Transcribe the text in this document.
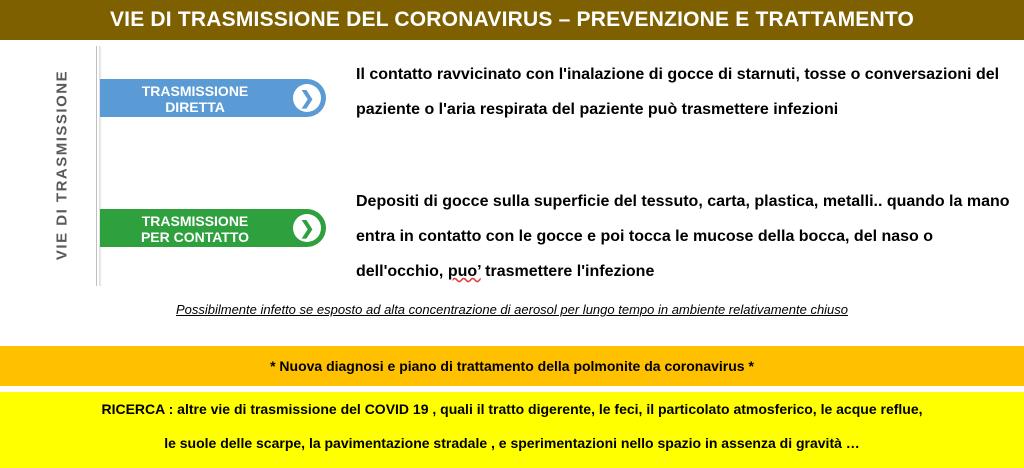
VIE DI TRASMISSIONE DEL CORONAVIRUS – PREVENZIONE E TRATTAMENTO
VIE DI TRASMISSIONE	TRASMISSIONE
DIRETTA	❯
Il contatto ravvicinato con l'inalazione di gocce di starnuti, tosse o conversazioni del paziente o l'aria respirata del paziente può trasmettere infezioni
TRASMISSIONE
PER CONTATTO	❯
Depositi di gocce sulla superficie del tessuto, carta, plastica, metalli.. quando la mano entra in contatto con le gocce e poi tocca le mucose della bocca, del naso o dell'occhio, puo’ trasmettere l'infezione
Possibilmente infetto se esposto ad alta concentrazione di aerosol per lungo tempo in ambiente relativamente chiuso
* Nuova diagnosi e piano di trattamento della polmonite da coronavirus *
RICERCA : altre vie di trasmissione del COVID 19 , quali il tratto digerente, le feci, il particolato atmosferico, le acque reflue,
le suole delle scarpe, la pavimentazione stradale , e sperimentazioni nello spazio in assenza di gravità …
